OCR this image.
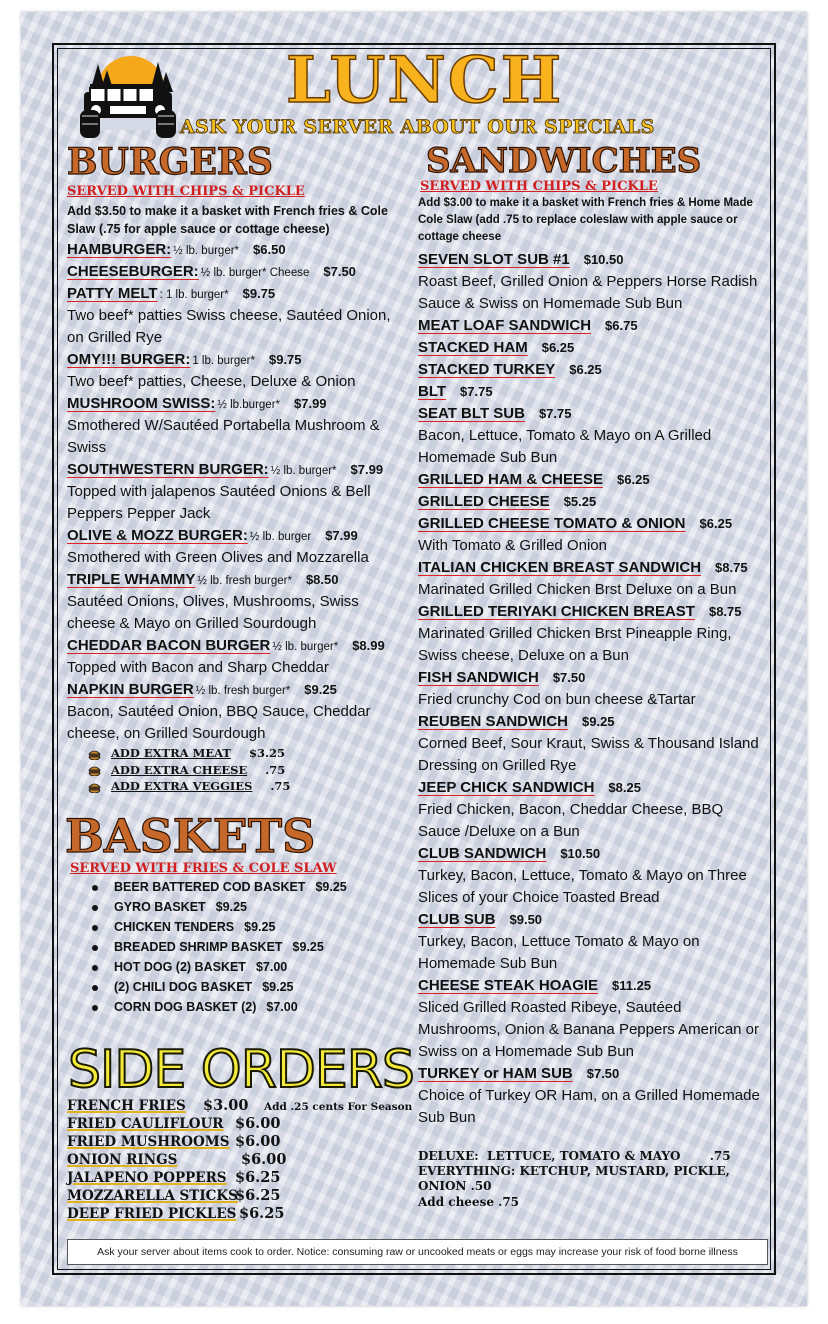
LUNCH
ASK YOUR SERVER ABOUT OUR SPECIALS
BURGERS
SERVED WITH CHIPS & PICKLE
Add $3.50 to make it a basket with French fries & Cole Slaw (.75 for apple sauce or cottage cheese)
HAMBURGER: ½ lb. burger* $6.50
CHEESEBURGER: ½ lb. burger* Cheese $7.50
PATTY MELT : 1 lb. burger* $9.75
Two beef* patties Swiss cheese, Sautéed Onion, on Grilled Rye
OMY!!! BURGER: 1 lb. burger* $9.75
Two beef* patties, Cheese, Deluxe & Onion
MUSHROOM SWISS: ½ lb.burger* $7.99
Smothered W/Sautéed Portabella Mushroom & Swiss
SOUTHWESTERN BURGER: ½ lb. burger* $7.99
Topped with jalapenos Sautéed Onions & Bell Peppers Pepper Jack
OLIVE & MOZZ BURGER: ½ lb. burger $7.99
Smothered with Green Olives and Mozzarella
TRIPLE WHAMMY ½ lb. fresh burger* $8.50
Sautéed Onions, Olives, Mushrooms, Swiss cheese & Mayo on Grilled Sourdough
CHEDDAR BACON BURGER ½ lb. burger* $8.99
Topped with Bacon and Sharp Cheddar
NAPKIN BURGER ½ lb. fresh burger* $9.25
Bacon, Sautéed Onion, BBQ Sauce, Cheddar cheese, on Grilled Sourdough
ADD EXTRA MEAT $3.25
ADD EXTRA CHEESE .75
ADD EXTRA VEGGIES .75
BASKETS
SERVED WITH FRIES & COLE SLAW
BEER BATTERED COD BASKET $9.25
GYRO BASKET $9.25
CHICKEN TENDERS $9.25
BREADED SHRIMP BASKET $9.25
HOT DOG (2) BASKET $7.00
(2) CHILI DOG BASKET $9.25
CORN DOG BASKET (2) $7.00
SIDE ORDERS
FRENCH FRIES $3.00 Add .25 cents For Season
FRIED CAULIFLOUR $6.00
FRIED MUSHROOMS $6.00
ONION RINGS	$6.00
JALAPENO POPPERS $6.25
MOZZARELLA STICKS
$6.25
DEEP FRIED PICKLES $6.25
SANDWICHES
SERVED WITH CHIPS & PICKLE
Add $3.00 to make it a basket with French fries & Home Made Cole Slaw (add .75 to replace coleslaw with apple sauce or cottage cheese
SEVEN SLOT SUB #1 $10.50
Roast Beef, Grilled Onion & Peppers Horse Radish Sauce & Swiss on Homemade Sub Bun
MEAT LOAF SANDWICH $6.75
STACKED HAM $6.25
STACKED TURKEY $6.25
BLT $7.75
SEAT BLT SUB $7.75
Bacon, Lettuce, Tomato & Mayo on A Grilled Homemade Sub Bun
GRILLED HAM & CHEESE $6.25
GRILLED CHEESE $5.25
GRILLED CHEESE TOMATO & ONION $6.25
With Tomato & Grilled Onion
ITALIAN CHICKEN BREAST SANDWICH $8.75
Marinated Grilled Chicken Brst Deluxe on a Bun
GRILLED TERIYAKI CHICKEN BREAST $8.75
Marinated Grilled Chicken Brst Pineapple Ring, Swiss cheese, Deluxe on a Bun
FISH SANDWICH $7.50
Fried crunchy Cod on bun cheese &Tartar
REUBEN SANDWICH $9.25
Corned Beef, Sour Kraut, Swiss & Thousand Island Dressing on Grilled Rye
JEEP CHICK SANDWICH $8.25
Fried Chicken, Bacon, Cheddar Cheese, BBQ Sauce /Deluxe on a Bun
CLUB SANDWICH $10.50
Turkey, Bacon, Lettuce, Tomato & Mayo on Three Slices of your Choice Toasted Bread
CLUB SUB $9.50
Turkey, Bacon, Lettuce Tomato & Mayo on Homemade Sub Bun
CHEESE STEAK HOAGIE $11.25
Sliced Grilled Roasted Ribeye, Sautéed Mushrooms, Onion & Banana Peppers American or Swiss on a Homemade Sub Bun
TURKEY or HAM SUB $7.50
Choice of Turkey OR Ham, on a Grilled Homemade Sub Bun
DELUXE:  LETTUCE, TOMATO & MAYO       .75
EVERYTHING: KETCHUP, MUSTARD, PICKLE, ONION .50
Add cheese .75
Ask your server about items cook to order. Notice: consuming raw or uncooked meats or eggs may increase your risk of food borne illness
